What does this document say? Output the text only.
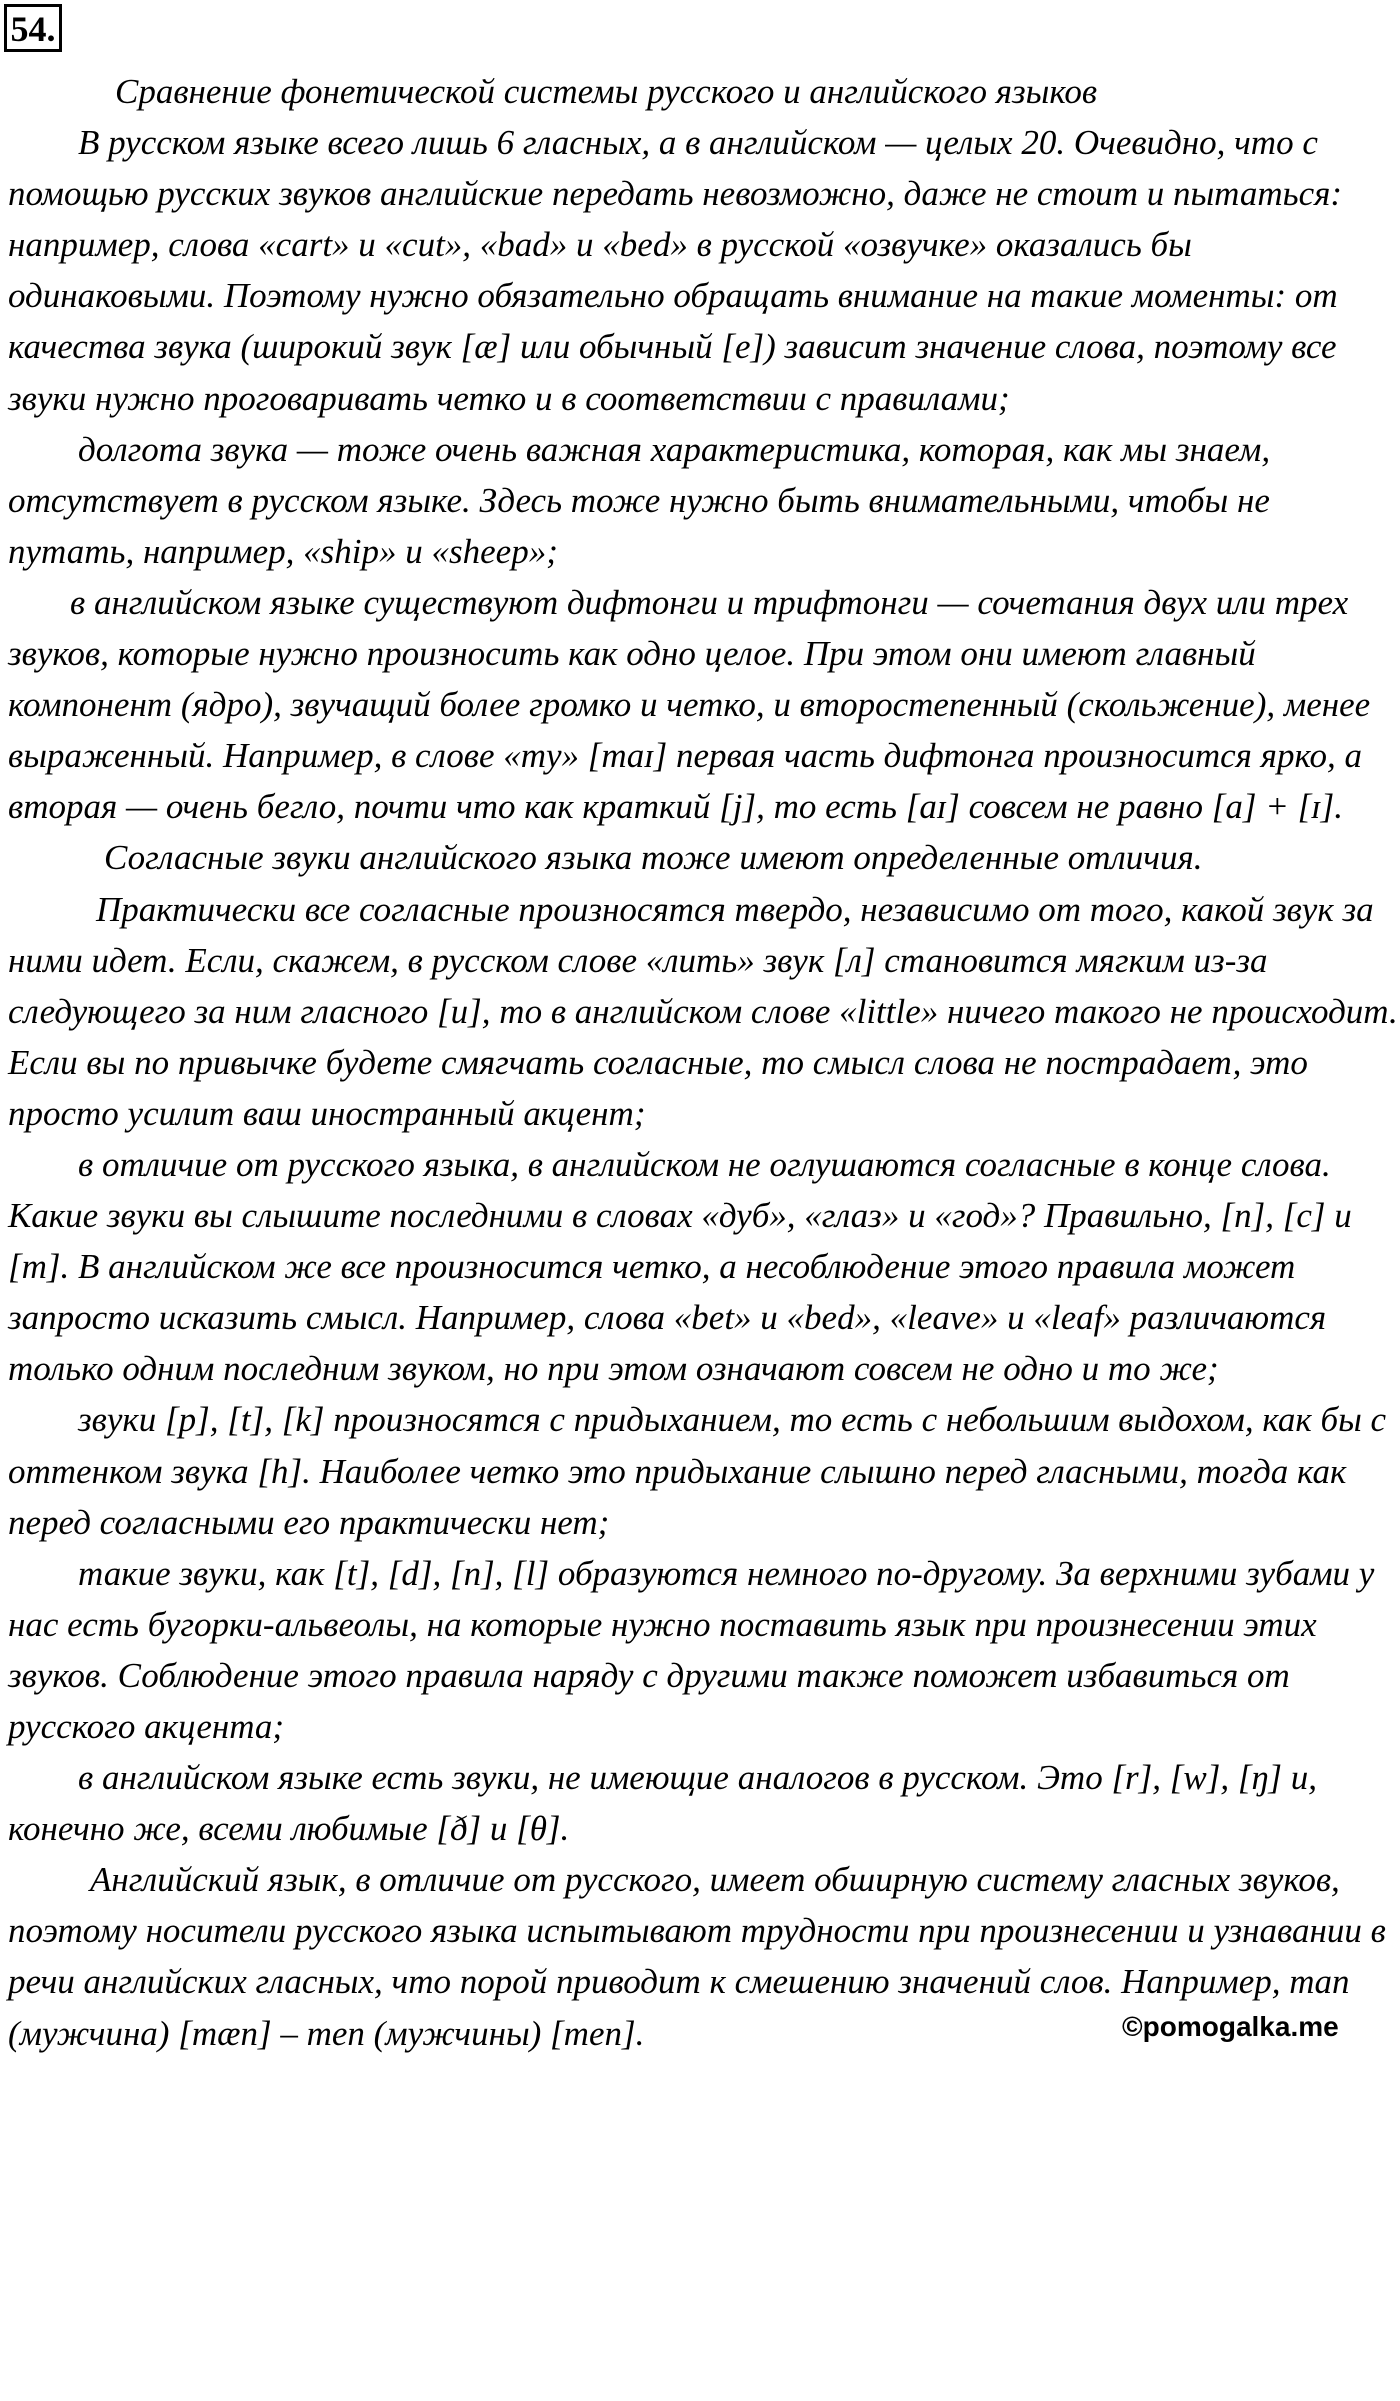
54.

Сравнение фонетической системы русского и английского языков

В русском языке всего лишь 6 гласных, а в английском — целых 20. Очевидно, что с помощью русских звуков английские передать невозможно, даже не стоит и пытаться: например, слова «cart» и «cut», «bad» и «bed» в русской «озвучке» оказались бы одинаковыми. Поэтому нужно обязательно обращать внимание на такие моменты: от качества звука (широкий звук [æ] или обычный [e]) зависит значение слова, поэтому все звуки нужно проговаривать четко и в соответствии с правилами;

долгота звука — тоже очень важная характеристика, которая, как мы знаем, отсутствует в русском языке. Здесь тоже нужно быть внимательными, чтобы не путать, например, «ship» и «sheep»;

в английском языке существуют дифтонги и трифтонги — сочетания двух или трех звуков, которые нужно произносить как одно целое. При этом они имеют главный компонент (ядро), звучащий более громко и четко, и второстепенный (скольжение), менее выраженный. Например, в слове «my» [maɪ] первая часть дифтонга произносится ярко, а вторая — очень бегло, почти что как краткий [j], то есть [aɪ] совсем не равно [a] + [ɪ].

Согласные звуки английского языка тоже имеют определенные отличия.

Практически все согласные произносятся твердо, независимо от того, какой звук за ними идет. Если, скажем, в русском слове «лить» звук [л] становится мягким из-за следующего за ним гласного [и], то в английском слове «little» ничего такого не происходит. Если вы по привычке будете смягчать согласные, то смысл слова не пострадает, это просто усилит ваш иностранный акцент;

в отличие от русского языка, в английском не оглушаются согласные в конце слова. Какие звуки вы слышите последними в словах «дуб», «глаз» и «год»? Правильно, [п], [с] и [т]. В английском же все произносится четко, а несоблюдение этого правила может запросто исказить смысл. Например, слова «bet» и «bed», «leave» и «leaf» различаются только одним последним звуком, но при этом означают совсем не одно и то же;

звуки [p], [t], [k] произносятся с придыханием, то есть с небольшим выдохом, как бы с оттенком звука [h]. Наиболее четко это придыхание слышно перед гласными, тогда как перед согласными его практически нет;

такие звуки, как [t], [d], [n], [l] образуются немного по-другому. За верхними зубами у нас есть бугорки-альвеолы, на которые нужно поставить язык при произнесении этих звуков. Соблюдение этого правила наряду с другими также поможет избавиться от русского акцента;

в английском языке есть звуки, не имеющие аналогов в русском. Это [r], [w], [ŋ] и, конечно же, всеми любимые [ð] и [θ].

Английский язык, в отличие от русского, имеет обширную систему гласных звуков, поэтому носители русского языка испытывают трудности при произнесении и узнавании в речи английских гласных, что порой приводит к смешению значений слов. Например, man (мужчина) [mæn] – men (мужчины) [men].	©pomogalka.me
